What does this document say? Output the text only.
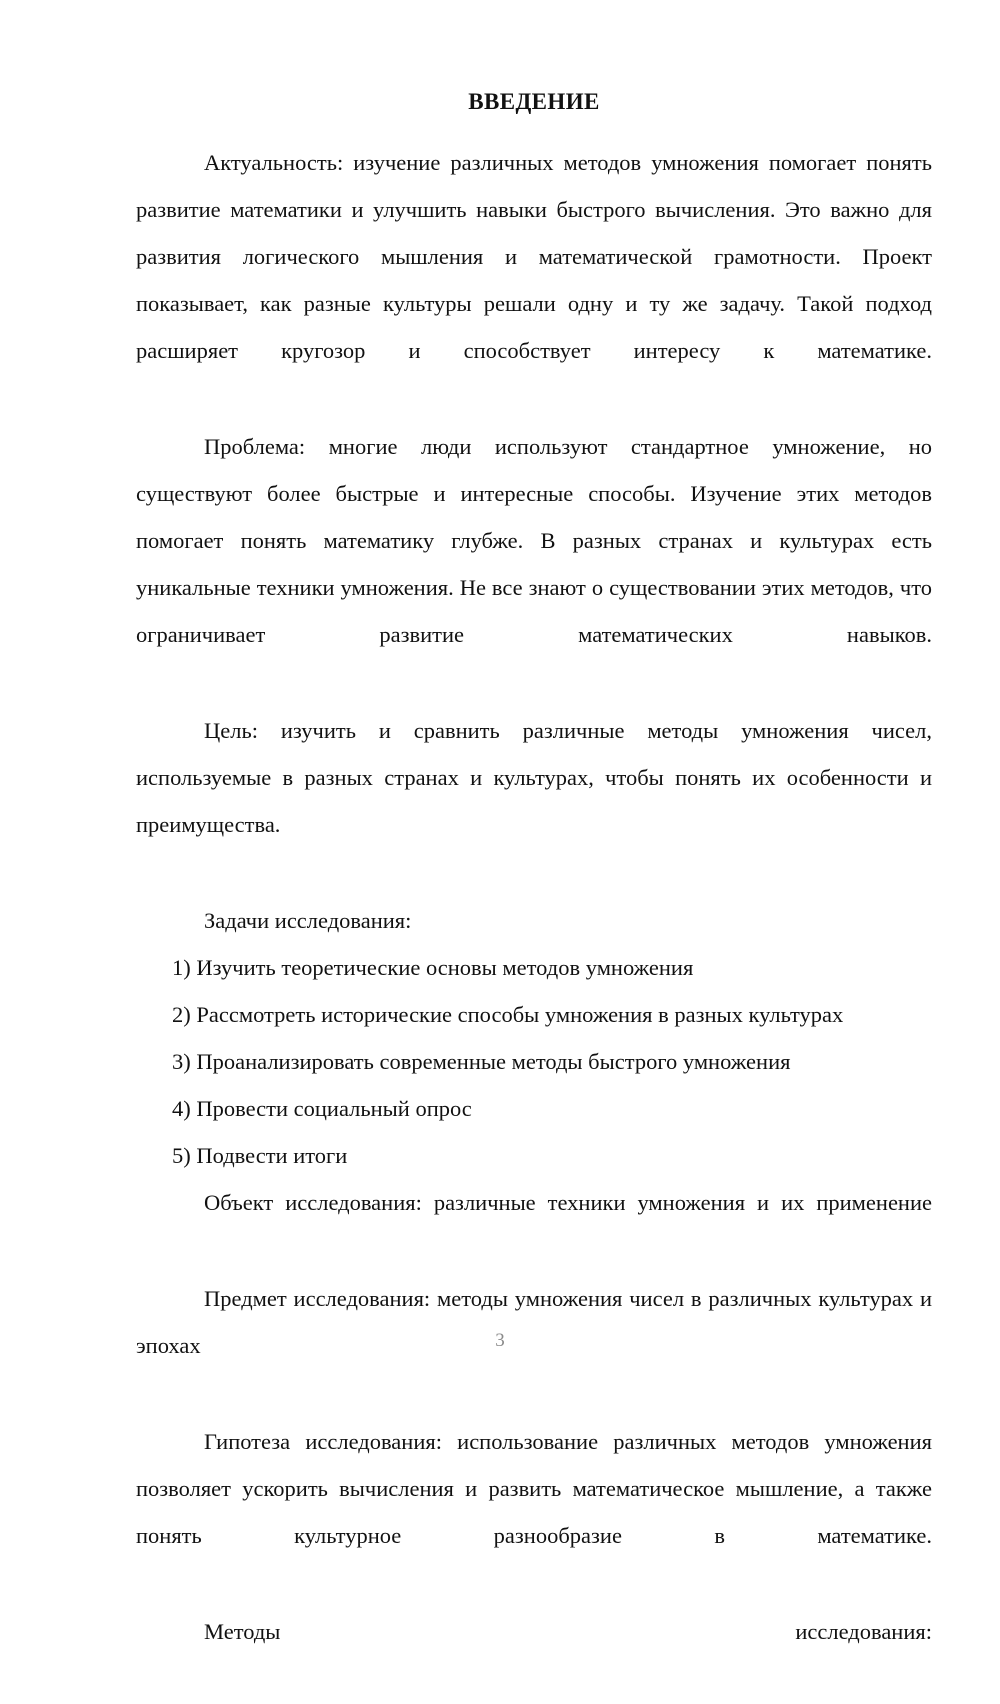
ВВЕДЕНИЕ

Актуальность: изучение различных методов умножения помогает понять развитие математики и улучшить навыки быстрого вычисления. Это важно для развития логического мышления и математической грамотности. Проект показывает, как разные культуры решали одну и ту же задачу. Такой подход расширяет кругозор и способствует интересу к математике.

Проблема: многие люди используют стандартное умножение, но существуют более быстрые и интересные способы. Изучение этих методов помогает понять математику глубже. В разных странах и культурах есть уникальные техники умножения. Не все знают о существовании этих методов, что ограничивает развитие математических навыков.

Цель: изучить и сравнить различные методы умножения чисел, используемые в разных странах и культурах, чтобы понять их особенности и преимущества.

Задачи исследования:

1) Изучить теоретические основы методов умножения
2) Рассмотреть исторические способы умножения в разных культурах
3) Проанализировать современные методы быстрого умножения
4) Провести социальный опрос
5) Подвести итоги

Объект исследования: различные техники умножения и их применение

Предмет исследования: методы умножения чисел в различных культурах и эпохах

Гипотеза исследования: использование различных методов умножения позволяет ускорить вычисления и развить математическое мышление, а также понять культурное разнообразие в математике.

Методы исследования:

3
